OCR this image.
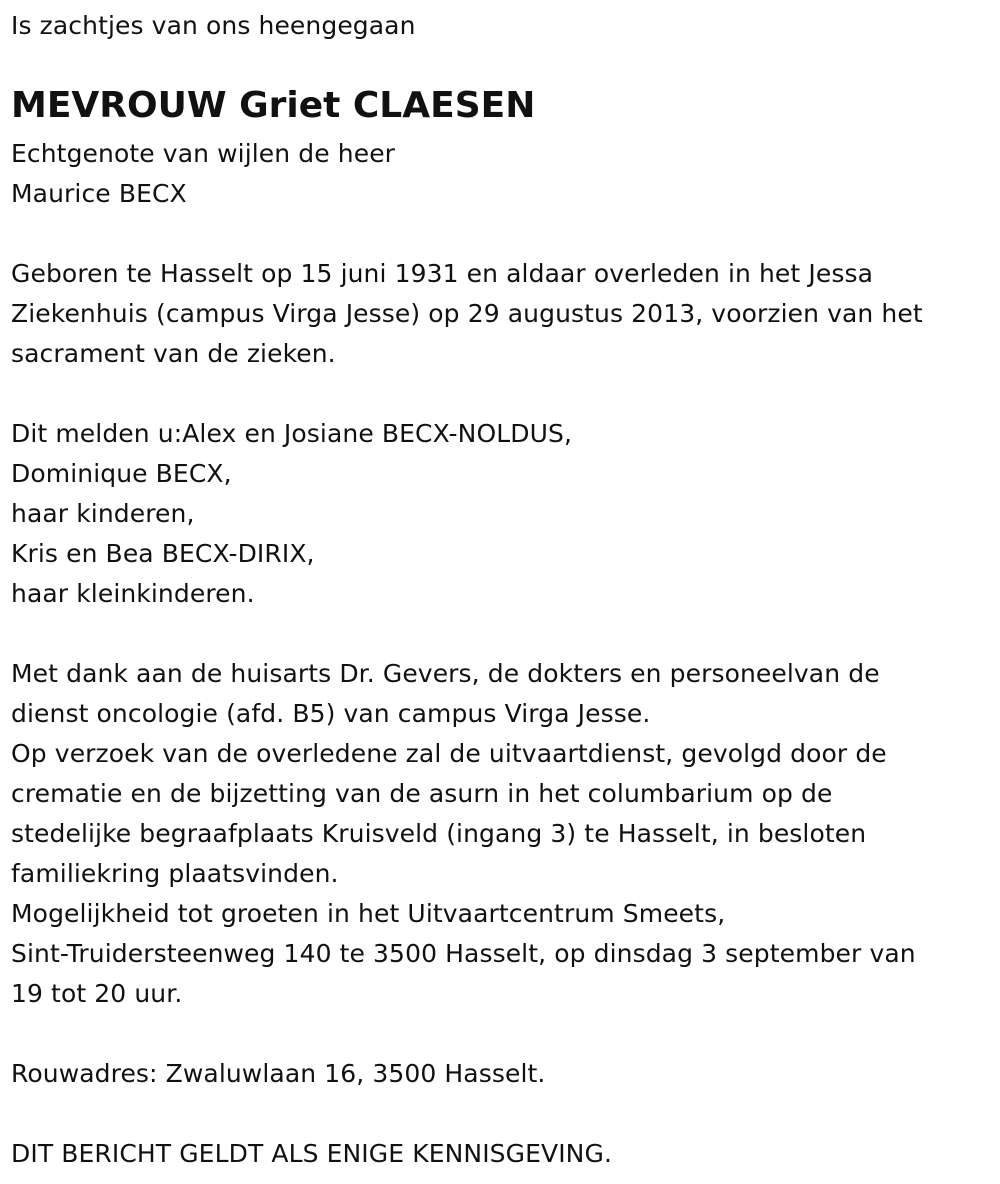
Is zachtjes van ons heengegaan
MEVROUW Griet CLAESEN
Echtgenote van wijlen de heer
Maurice BECX
Geboren te Hasselt op 15 juni 1931 en aldaar overleden in het Jessa
Ziekenhuis (campus Virga Jesse) op 29 augustus 2013, voorzien van het
sacrament van de zieken.
Dit melden u:Alex en Josiane BECX-NOLDUS,
Dominique BECX,
haar kinderen,
Kris en Bea BECX-DIRIX,
haar kleinkinderen.
Met dank aan de huisarts Dr. Gevers, de dokters en personeelvan de
dienst oncologie (afd. B5) van campus Virga Jesse.
Op verzoek van de overledene zal de uitvaartdienst, gevolgd door de
crematie en de bijzetting van de asurn in het columbarium op de
stedelijke begraafplaats Kruisveld (ingang 3) te Hasselt, in besloten
familiekring plaatsvinden.
Mogelijkheid tot groeten in het Uitvaartcentrum Smeets,
Sint-Truidersteenweg 140 te 3500 Hasselt, op dinsdag 3 september van
19 tot 20 uur.
Rouwadres: Zwaluwlaan 16, 3500 Hasselt.
DIT BERICHT GELDT ALS ENIGE KENNISGEVING.
